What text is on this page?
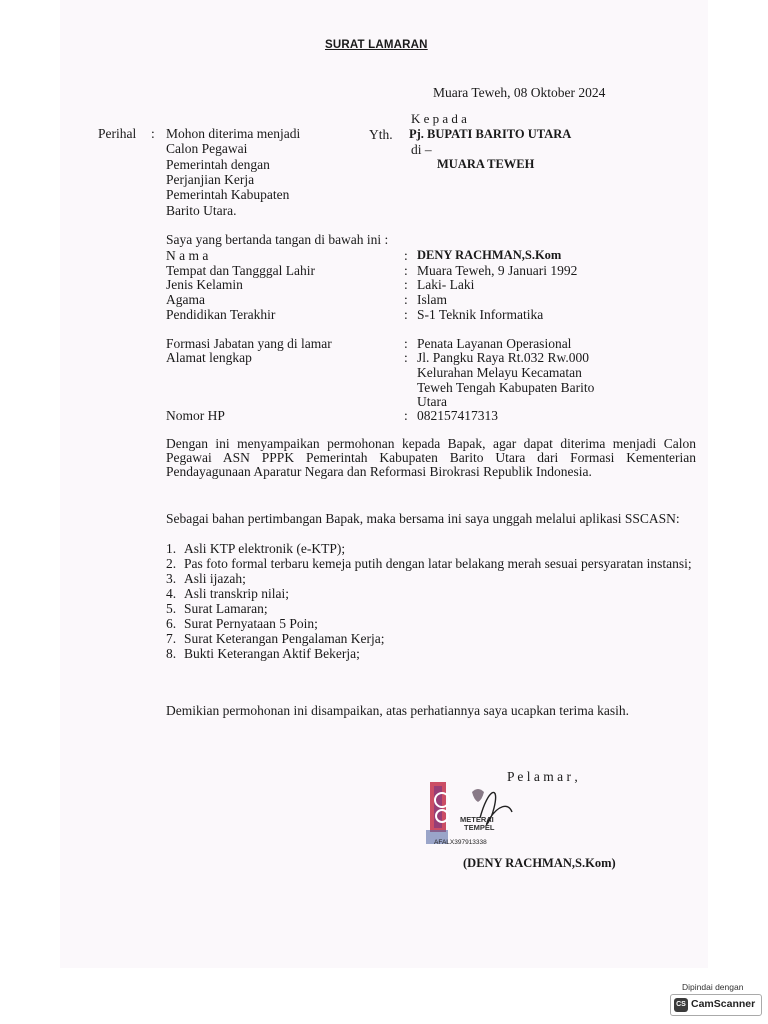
SURAT LAMARAN
Muara Teweh, 08 Oktober 2024
K e p a d a
Yth. Pj. BUPATI BARITO UTARA
di –
MUARA TEWEH
Perihal : Mohon diterima menjadi
Calon Pegawai
Pemerintah dengan
Perjanjian Kerja
Pemerintah Kabupaten
Barito Utara.
Saya yang bertanda tangan di bawah ini :
N a m a	: DENY RACHMAN,S.Kom
Tempat dan Tangggal Lahir	: Muara Teweh, 9 Januari 1992
Jenis Kelamin	: Laki- Laki
Agama	: Islam
Pendidikan Terakhir	: S-1 Teknik Informatika
Formasi Jabatan yang di lamar	: Penata Layanan Operasional
Alamat lengkap	: Jl. Pangku Raya Rt.032 Rw.000
Kelurahan Melayu Kecamatan
Teweh Tengah Kabupaten Barito
Utara
Nomor HP	: 082157417313
Dengan ini menyampaikan permohonan kepada Bapak, agar dapat diterima menjadi Calon Pegawai ASN PPPK Pemerintah Kabupaten Barito Utara dari Formasi Kementerian Pendayagunaan Aparatur Negara dan Reformasi Birokrasi Republik Indonesia.
Sebagai bahan pertimbangan Bapak, maka bersama ini saya unggah melalui aplikasi SSCASN:
1. Asli KTP elektronik (e-KTP);
2. Pas foto formal terbaru kemeja putih dengan latar belakang merah sesuai persyaratan instansi;
3. Asli ijazah;
4. Asli transkrip nilai;
5. Surat Lamaran;
6. Surat Pernyataan 5 Poin;
7. Surat Keterangan Pengalaman Kerja;
8. Bukti Keterangan Aktif Bekerja;
Demikian permohonan ini disampaikan, atas perhatiannya saya ucapkan terima kasih.
P e l a m a r ,
METERAI
TEMPEL
AFALX397913338
(DENY RACHMAN,S.Kom)
Dipindai dengan
CS CamScanner
